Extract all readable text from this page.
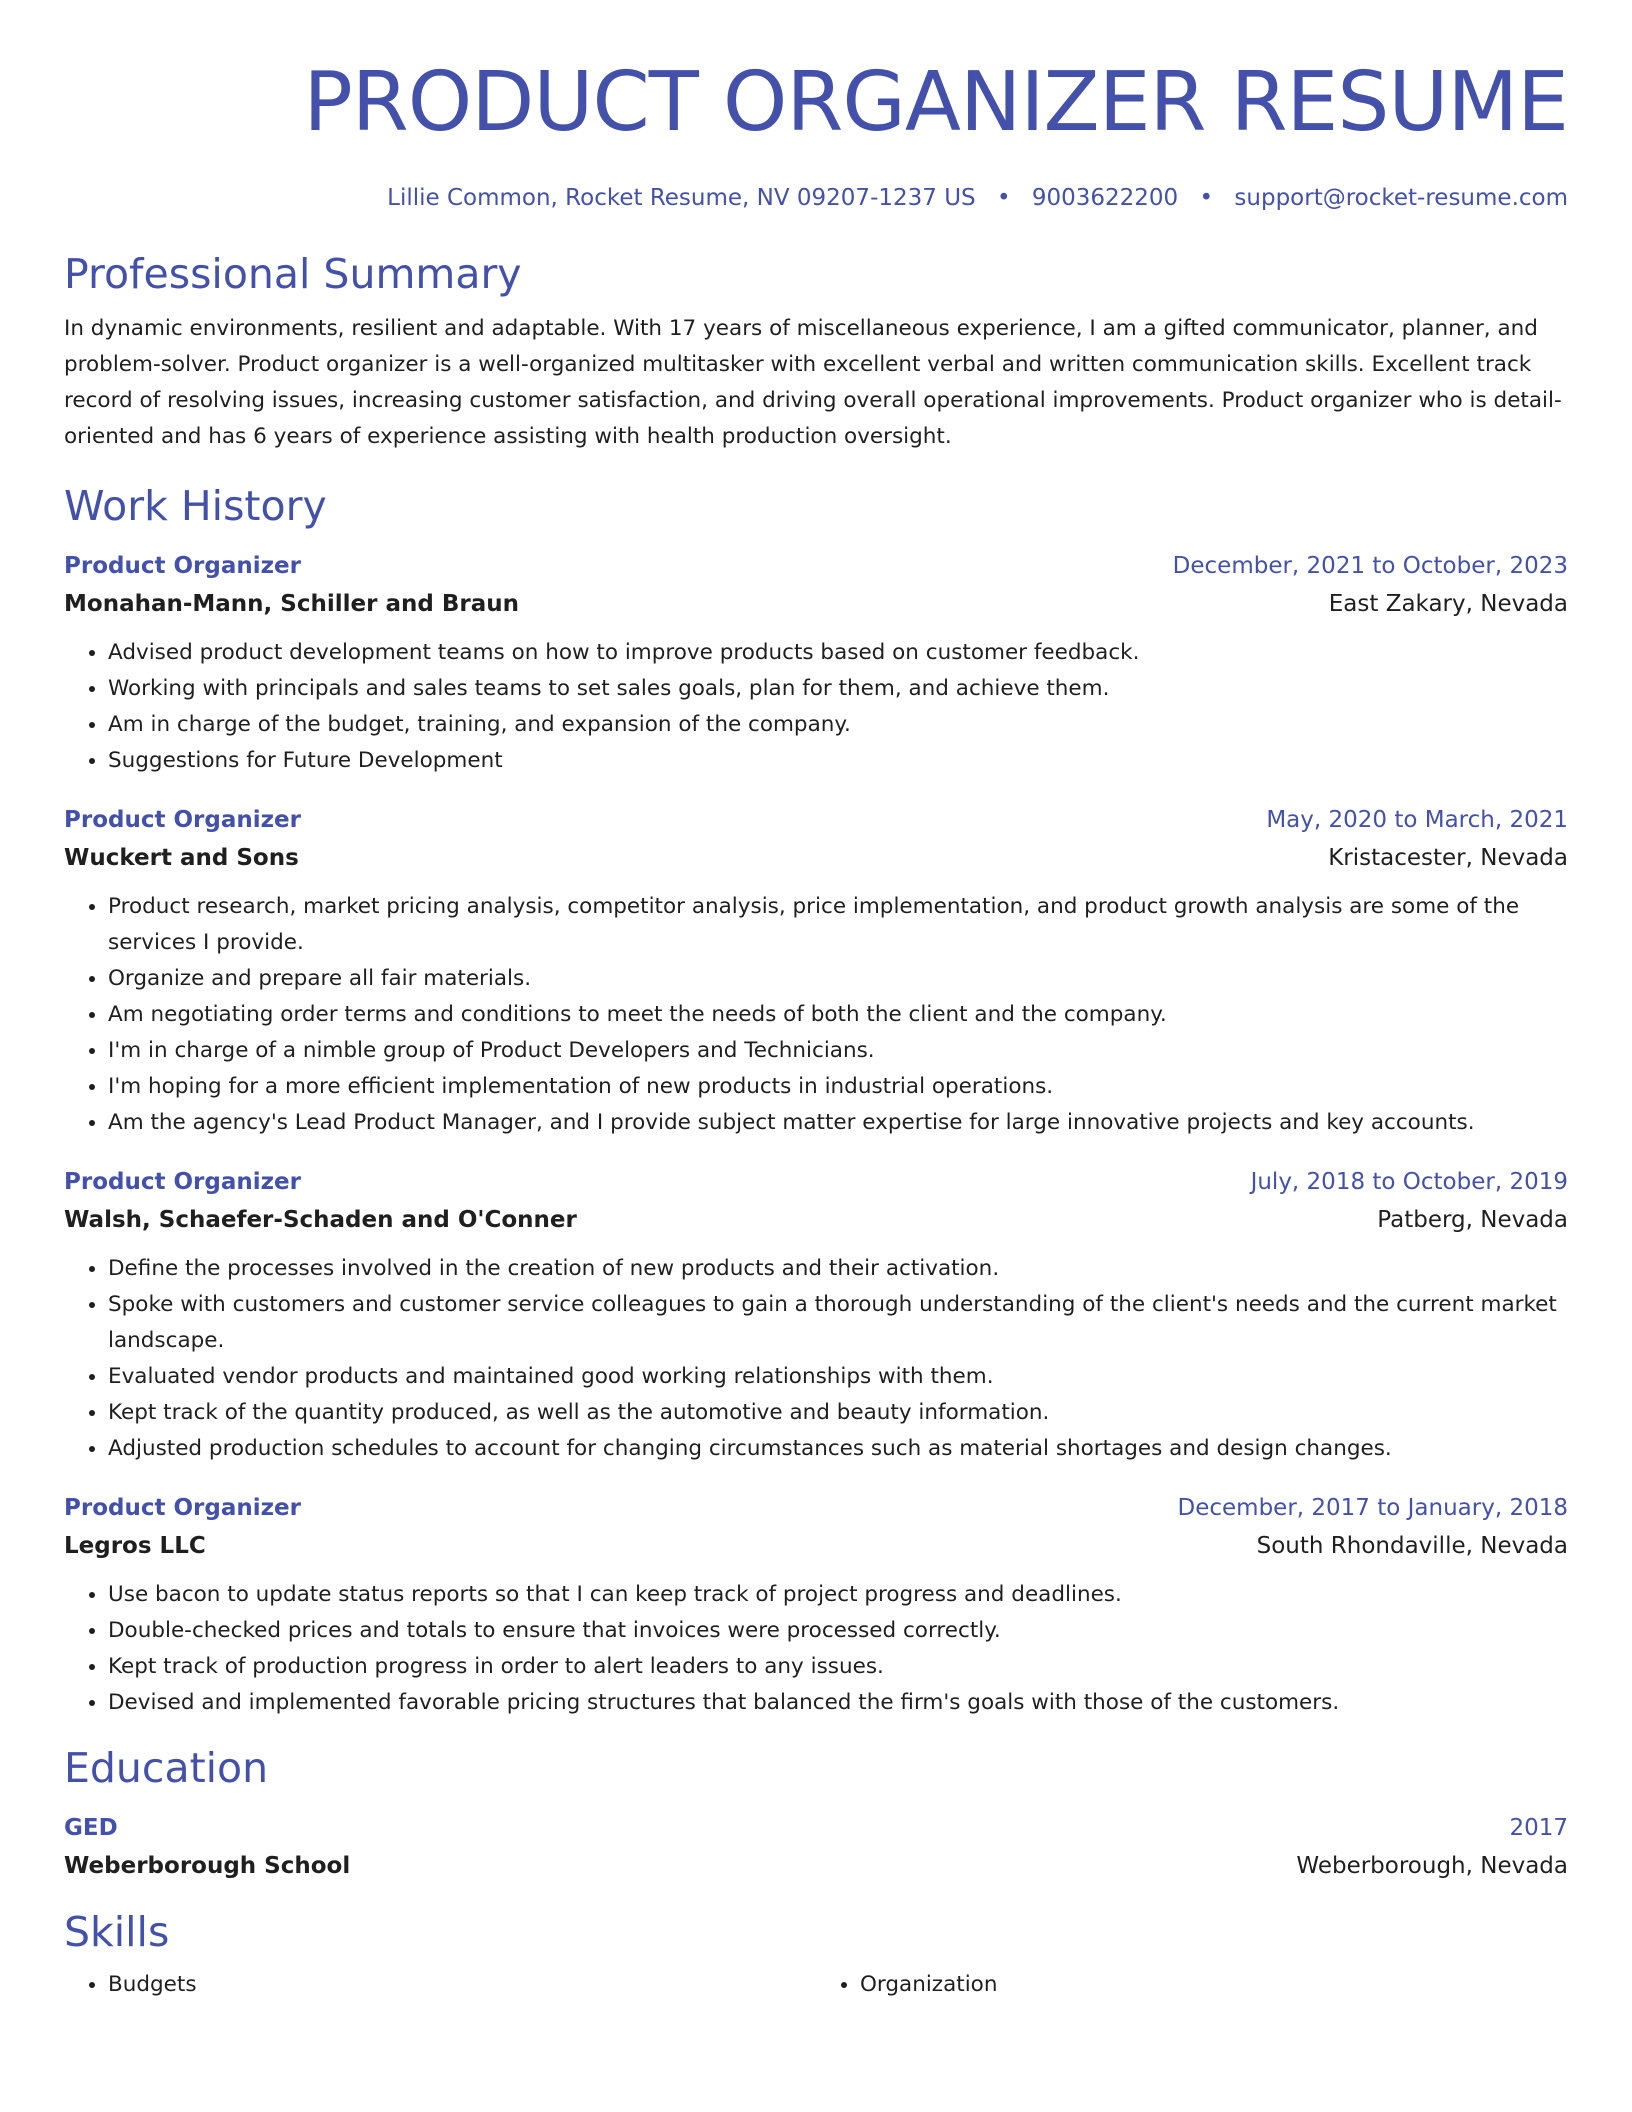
PRODUCT ORGANIZER RESUME
Lillie Common, Rocket Resume, NV 09207-1237 US • 9003622200 • support@rocket-resume.com
Professional Summary
In dynamic environments, resilient and adaptable. With 17 years of miscellaneous experience, I am a gifted communicator, planner, and problem-solver. Product organizer is a well-organized multitasker with excellent verbal and written communication skills. Excellent track record of resolving issues, increasing customer satisfaction, and driving overall operational improvements. Product organizer who is detail-oriented and has 6 years of experience assisting with health production oversight.
Work History
Product Organizer	December, 2021 to October, 2023
Monahan-Mann, Schiller and Braun	East Zakary, Nevada
• Advised product development teams on how to improve products based on customer feedback.
• Working with principals and sales teams to set sales goals, plan for them, and achieve them.
• Am in charge of the budget, training, and expansion of the company.
• Suggestions for Future Development
Product Organizer	May, 2020 to March, 2021
Wuckert and Sons	Kristacester, Nevada
• Product research, market pricing analysis, competitor analysis, price implementation, and product growth analysis are some of the services I provide.
• Organize and prepare all fair materials.
• Am negotiating order terms and conditions to meet the needs of both the client and the company.
• I'm in charge of a nimble group of Product Developers and Technicians.
• I'm hoping for a more efficient implementation of new products in industrial operations.
• Am the agency's Lead Product Manager, and I provide subject matter expertise for large innovative projects and key accounts.
Product Organizer	July, 2018 to October, 2019
Walsh, Schaefer-Schaden and O'Conner	Patberg, Nevada
• Define the processes involved in the creation of new products and their activation.
• Spoke with customers and customer service colleagues to gain a thorough understanding of the client's needs and the current market landscape.
• Evaluated vendor products and maintained good working relationships with them.
• Kept track of the quantity produced, as well as the automotive and beauty information.
• Adjusted production schedules to account for changing circumstances such as material shortages and design changes.
Product Organizer	December, 2017 to January, 2018
Legros LLC	South Rhondaville, Nevada
• Use bacon to update status reports so that I can keep track of project progress and deadlines.
• Double-checked prices and totals to ensure that invoices were processed correctly.
• Kept track of production progress in order to alert leaders to any issues.
• Devised and implemented favorable pricing structures that balanced the firm's goals with those of the customers.
Education
GED	2017
Weberborough School	Weberborough, Nevada
Skills
• Budgets
•	Organization
